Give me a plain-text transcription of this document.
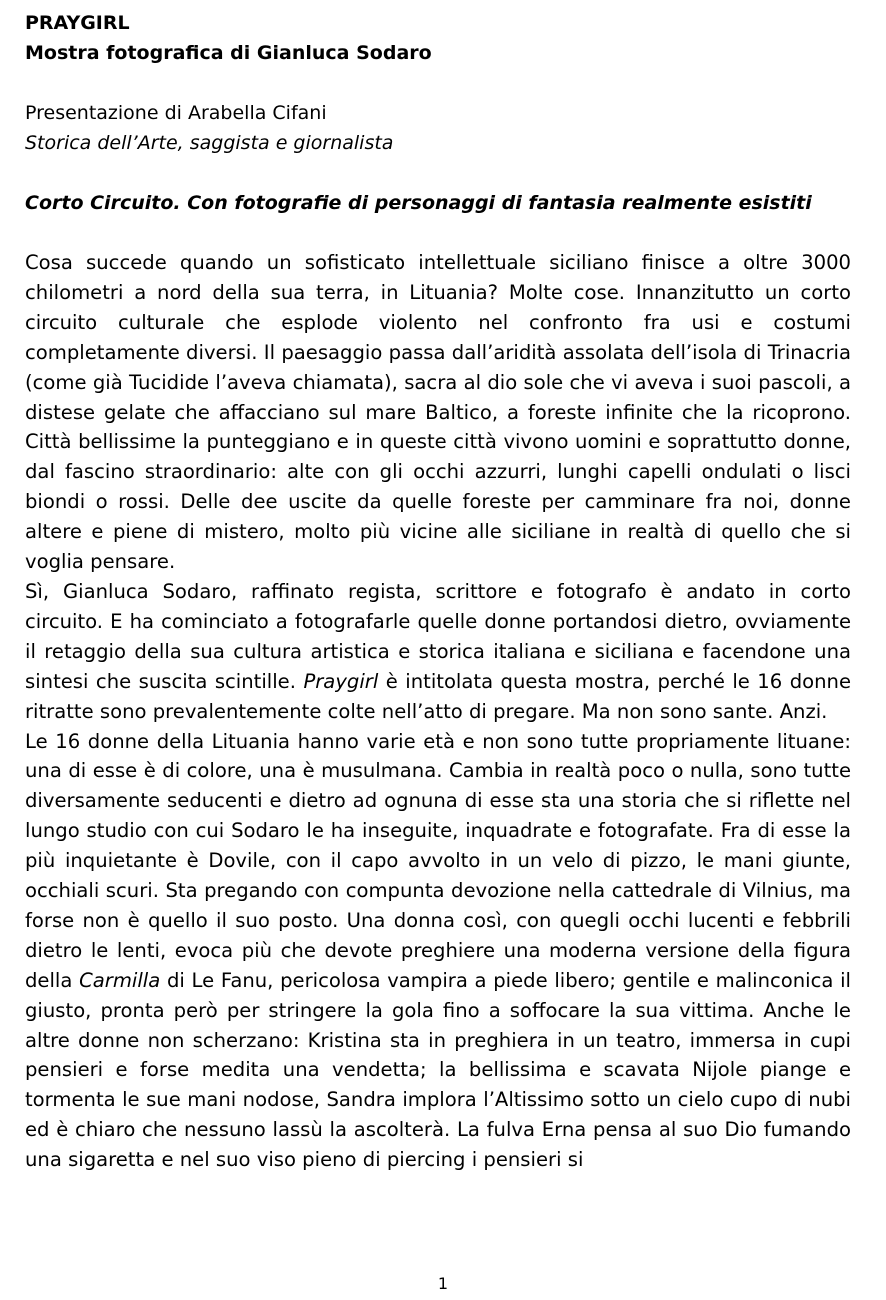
PRAYGIRL

Mostra fotografica di Gianluca Sodaro

Presentazione di Arabella Cifani

Storica dell’Arte, saggista e giornalista

Corto Circuito. Con fotografie di personaggi di fantasia realmente esistiti

Cosa succede quando un sofisticato intellettuale siciliano finisce a oltre 3000 chilometri a nord della sua terra, in Lituania? Molte cose. Innanzitutto un corto circuito culturale che esplode violento nel confronto fra usi e costumi completamente diversi. Il paesaggio passa dall’aridità assolata dell’isola di Trinacria (come già Tucidide l’aveva chiamata), sacra al dio sole che vi aveva i suoi pascoli, a distese gelate che affacciano sul mare Baltico, a foreste infinite che la ricoprono. Città bellissime la punteggiano e in queste città vivono uomini e soprattutto donne, dal fascino straordinario: alte con gli occhi azzurri, lunghi capelli ondulati o lisci biondi o rossi. Delle dee uscite da quelle foreste per camminare fra noi, donne altere e piene di mistero, molto più vicine alle siciliane in realtà di quello che si voglia pensare.

Sì, Gianluca Sodaro, raffinato regista, scrittore e fotografo è andato in corto circuito. E ha cominciato a fotografarle quelle donne portandosi dietro, ovviamente il retaggio della sua cultura artistica e storica italiana e siciliana e facendone una sintesi che suscita scintille. Praygirl è intitolata questa mostra, perché le 16 donne ritratte sono prevalentemente colte nell’atto di pregare. Ma non sono sante. Anzi.

Le 16 donne della Lituania hanno varie età e non sono tutte propriamente lituane: una di esse è di colore, una è musulmana. Cambia in realtà poco o nulla, sono tutte diversamente seducenti e dietro ad ognuna di esse sta una storia che si riflette nel lungo studio con cui Sodaro le ha inseguite, inquadrate e fotografate. Fra di esse la più inquietante è Dovile, con il capo avvolto in un velo di pizzo, le mani giunte, occhiali scuri. Sta pregando con compunta devozione nella cattedrale di Vilnius, ma forse non è quello il suo posto. Una donna così, con quegli occhi lucenti e febbrili dietro le lenti, evoca più che devote preghiere una moderna versione della figura della Carmilla di Le Fanu, pericolosa vampira a piede libero; gentile e malinconica il giusto, pronta però per stringere la gola fino a soffocare la sua vittima. Anche le altre donne non scherzano: Kristina sta in preghiera in un teatro, immersa in cupi pensieri e forse medita una vendetta; la bellissima e scavata Nijole piange e tormenta le sue mani nodose, Sandra implora l’Altissimo sotto un cielo cupo di nubi ed è chiaro che nessuno lassù la ascolterà. La fulva Erna pensa al suo Dio fumando una sigaretta e nel suo viso pieno di piercing i pensieri si

1
